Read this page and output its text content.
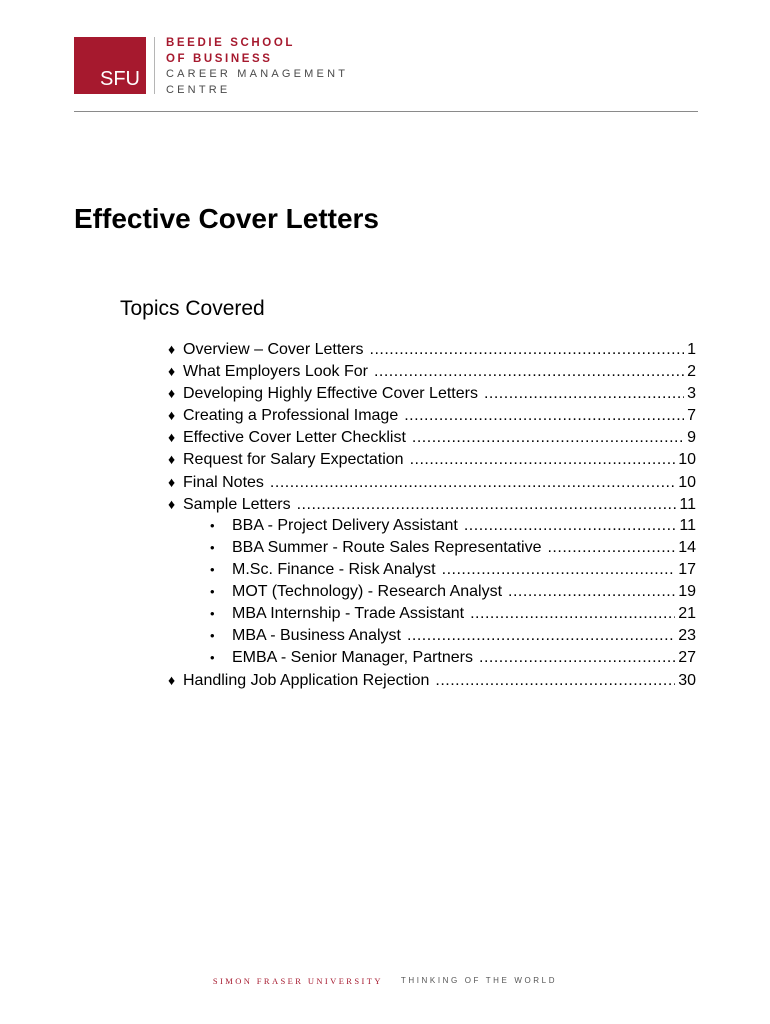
SFU
BEEDIE SCHOOL
OF BUSINESS
CAREER MANAGEMENT
CENTRE
Effective Cover Letters
Topics Covered
♦ Overview – Cover Letters .....	1
♦ What Employers Look For .....	2
♦ Developing Highly Effective Cover Letters .....	3
♦ Creating a Professional Image .....	7
♦ Effective Cover Letter Checklist .....	9
♦ Request for Salary Expectation .....	10
♦ Final Notes .....	10
♦ Sample Letters .....	11
•	BBA - Project Delivery Assistant .....	11
•	BBA Summer - Route Sales Representative .....	14
•	M.Sc. Finance - Risk Analyst .....	17
•	MOT (Technology) - Research Analyst .....	19
•	MBA Internship - Trade Assistant .....	21
•	MBA - Business Analyst .....	23
•	EMBA - Senior Manager, Partners .....	27
♦ Handling Job Application Rejection .....	30
SIMON FRASER UNIVERSITY THINKING OF THE WORLD
